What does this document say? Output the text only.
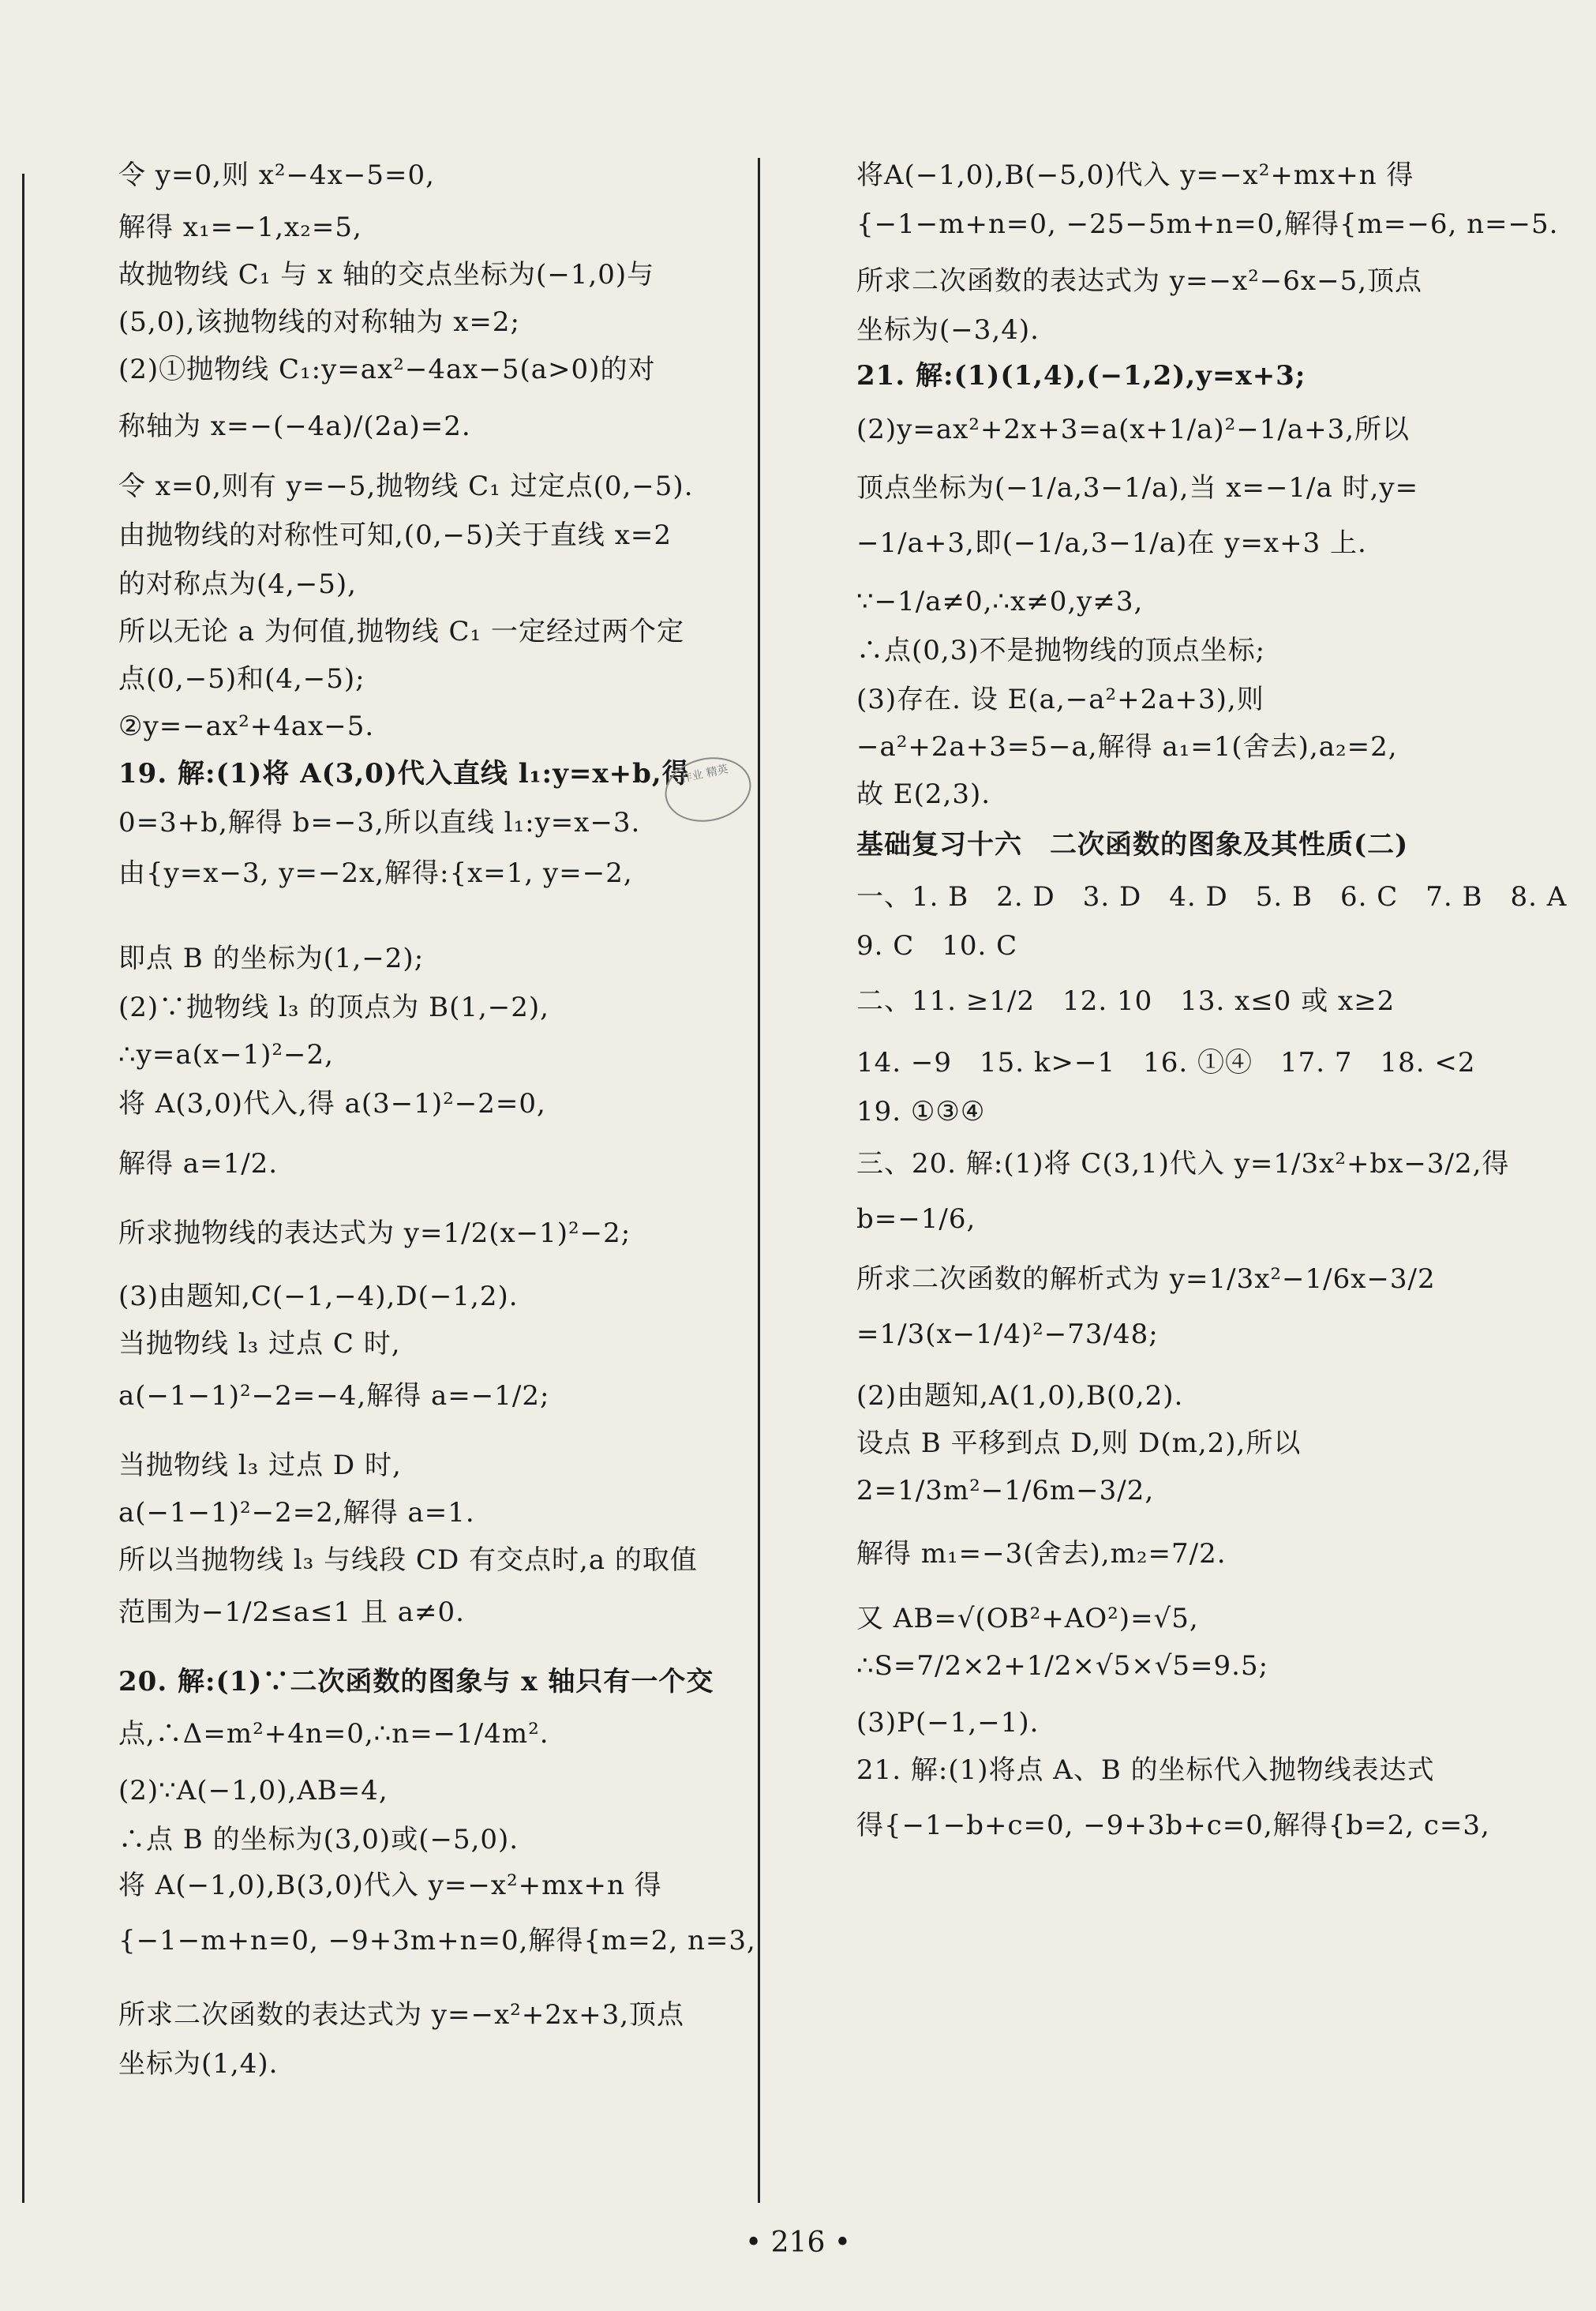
令 y=0,则 x²−4x−5=0,
解得 x₁=−1,x₂=5,
故抛物线 C₁ 与 x 轴的交点坐标为(−1,0)与
(5,0),该抛物线的对称轴为 x=2;
(2)①抛物线 C₁:y=ax²−4ax−5(a>0)的对
称轴为 x=−(−4a)/(2a)=2.
令 x=0,则有 y=−5,抛物线 C₁ 过定点(0,−5).
由抛物线的对称性可知,(0,−5)关于直线 x=2
的对称点为(4,−5),
所以无论 a 为何值,抛物线 C₁ 一定经过两个定
点(0,−5)和(4,−5);
②y=−ax²+4ax−5.
19. 解:(1)将 A(3,0)代入直线 l₁:y=x+b,得
0=3+b,解得 b=−3,所以直线 l₁:y=x−3.
由{y=x−3, y=−2x,解得:{x=1, y=−2,
即点 B 的坐标为(1,−2);
(2)∵抛物线 l₃ 的顶点为 B(1,−2),
∴y=a(x−1)²−2,
将 A(3,0)代入,得 a(3−1)²−2=0,
解得 a=1/2.
所求抛物线的表达式为 y=1/2(x−1)²−2;
(3)由题知,C(−1,−4),D(−1,2).
当抛物线 l₃ 过点 C 时,
a(−1−1)²−2=−4,解得 a=−1/2;
当抛物线 l₃ 过点 D 时,
a(−1−1)²−2=2,解得 a=1.
所以当抛物线 l₃ 与线段 CD 有交点时,a 的取值
范围为−1/2≤a≤1 且 a≠0.
20. 解:(1)∵二次函数的图象与 x 轴只有一个交
点,∴Δ=m²+4n=0,∴n=−1/4m².
(2)∵A(−1,0),AB=4,
∴点 B 的坐标为(3,0)或(−5,0).
将 A(−1,0),B(3,0)代入 y=−x²+mx+n 得
{−1−m+n=0, −9+3m+n=0,解得{m=2, n=3,
所求二次函数的表达式为 y=−x²+2x+3,顶点
坐标为(1,4).
将A(−1,0),B(−5,0)代入 y=−x²+mx+n 得
{−1−m+n=0, −25−5m+n=0,解得{m=−6, n=−5.
所求二次函数的表达式为 y=−x²−6x−5,顶点
坐标为(−3,4).
21. 解:(1)(1,4),(−1,2),y=x+3;
(2)y=ax²+2x+3=a(x+1/a)²−1/a+3,所以
顶点坐标为(−1/a,3−1/a),当 x=−1/a 时,y=
−1/a+3,即(−1/a,3−1/a)在 y=x+3 上.
∵−1/a≠0,∴x≠0,y≠3,
∴点(0,3)不是抛物线的顶点坐标;
(3)存在. 设 E(a,−a²+2a+3),则
−a²+2a+3=5−a,解得 a₁=1(舍去),a₂=2,
故 E(2,3).
基础复习十六　二次函数的图象及其性质(二)
一、1. B　2. D　3. D　4. D　5. B　6. C　7. B　8. A
9. C　10. C
二、11. ≥1/2　12. 10　13. x≤0 或 x≥2
14. −9　15. k>−1　16. ①④　17. 7　18. <2
19. ①③④
三、20. 解:(1)将 C(3,1)代入 y=1/3x²+bx−3/2,得
b=−1/6,
所求二次函数的解析式为 y=1/3x²−1/6x−3/2
=1/3(x−1/4)²−73/48;
(2)由题知,A(1,0),B(0,2).
设点 B 平移到点 D,则 D(m,2),所以
2=1/3m²−1/6m−3/2,
解得 m₁=−3(舍去),m₂=7/2.
又 AB=√(OB²+AO²)=√5,
∴S=7/2×2+1/2×√5×√5=9.5;
(3)P(−1,−1).
21. 解:(1)将点 A、B 的坐标代入抛物线表达式
得{−1−b+c=0, −9+3b+c=0,解得{b=2, c=3,
作业 精英
• 216 •
